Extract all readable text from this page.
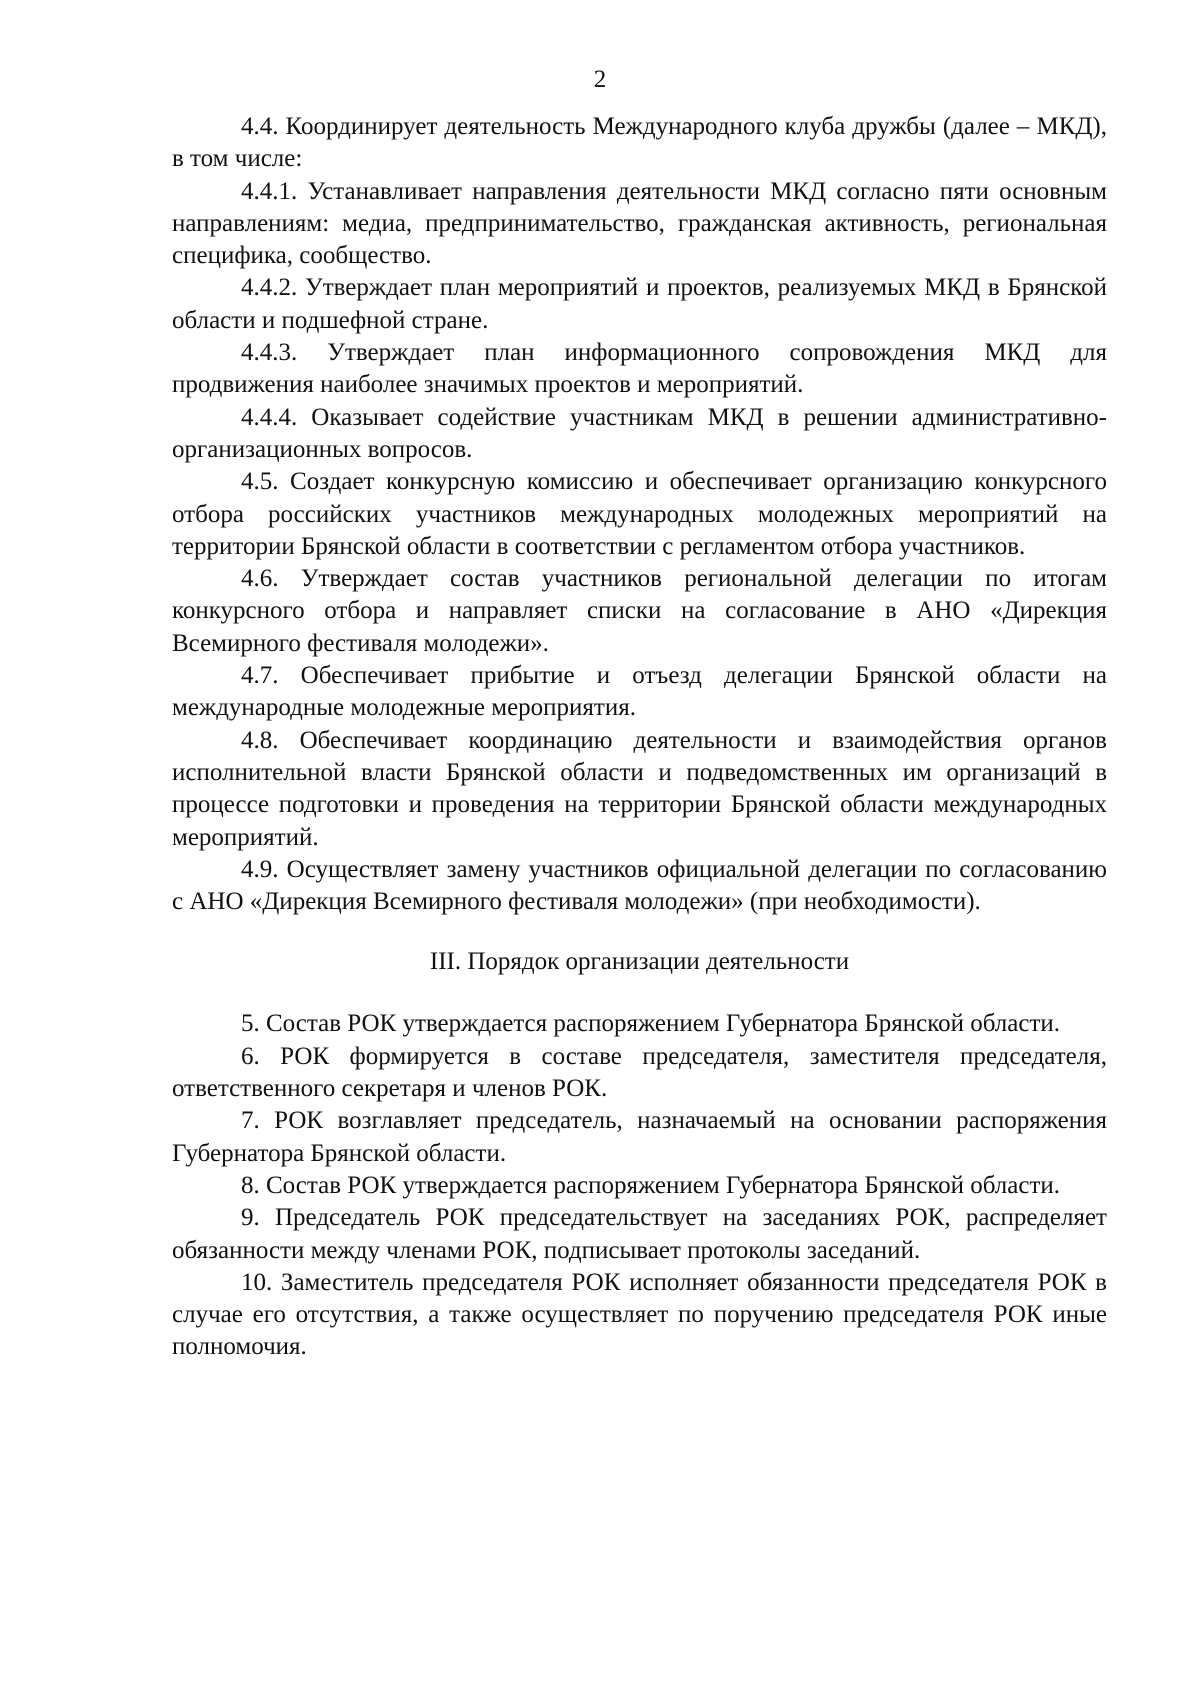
2

4.4. Координирует деятельность Международного клуба дружбы (далее – МКД), в том числе:

4.4.1. Устанавливает направления деятельности МКД согласно пяти основным направлениям: медиа, предпринимательство, гражданская активность, региональная специфика, сообщество.

4.4.2. Утверждает план мероприятий и проектов, реализуемых МКД в Брянской области и подшефной стране.

4.4.3. Утверждает план информационного сопровождения МКД для продвижения наиболее значимых проектов и мероприятий.

4.4.4. Оказывает содействие участникам МКД в решении административно-организационных вопросов.

4.5. Создает конкурсную комиссию и обеспечивает организацию конкурсного отбора российских участников международных молодежных мероприятий на территории Брянской области в соответствии с регламентом отбора участников.

4.6. Утверждает состав участников региональной делегации по итогам конкурсного отбора и направляет списки на согласование в АНО «Дирекция Всемирного фестиваля молодежи».

4.7. Обеспечивает прибытие и отъезд делегации Брянской области на международные молодежные мероприятия.

4.8. Обеспечивает координацию деятельности и взаимодействия органов исполнительной власти Брянской области и подведомственных им организаций в процессе подготовки и проведения на территории Брянской области международных мероприятий.

4.9. Осуществляет замену участников официальной делегации по согласованию с АНО «Дирекция Всемирного фестиваля молодежи» (при необходимости).

III. Порядок организации деятельности

5. Состав РОК утверждается распоряжением Губернатора Брянской области.

6. РОК формируется в составе председателя, заместителя председателя, ответственного секретаря и членов РОК.

7. РОК возглавляет председатель, назначаемый на основании распоряжения Губернатора Брянской области.

8. Состав РОК утверждается распоряжением Губернатора Брянской области.

9. Председатель РОК председательствует на заседаниях РОК, распределяет обязанности между членами РОК, подписывает протоколы заседаний.

10. Заместитель председателя РОК исполняет обязанности председателя РОК в случае его отсутствия, а также осуществляет по поручению председателя РОК иные полномочия.
